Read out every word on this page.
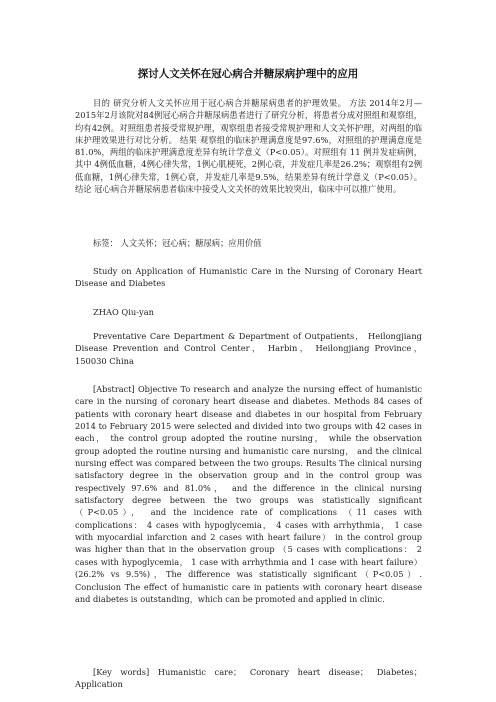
探讨人文关怀在冠心病合并糖尿病护理中的应用

目的 研究分析人文关怀应用于冠心病合并糖尿病患者的护理效果。 方法 2014年2月—2015年2月该院对84例冠心病合并糖尿病患者进行了研究分析，将患者分成对照组和观察组，均有42例。对照组患者接受常规护理，观察组患者接受常规护理和人文关怀护理，对两组的临床护理效果进行对比分析。 结果 观察组的临床护理满意度是97.6%，对照组的护理满意度是81.0%，两组的临床护理满意度差异有统计学意义（P<0.05）。对照组有 11 例并发症病例，其中 4例低血糖，4例心律失常，1例心肌梗死，2例心衰，并发症几率是26.2%；观察组有2例低血糖，1例心律失常，1例心衰，并发症几率是9.5%，结果差异有统计学意义（P<0.05）。 结论 冠心病合并糖尿病患者临床中接受人文关怀的效果比较突出，临床中可以推广使用。

标签： 人文关怀；冠心病；糖尿病；应用价值

Study on Application of Humanistic Care in the Nursing of Coronary Heart Disease and Diabetes

ZHAO Qiu-yan

Preventative Care Department & Department of Outpatients， Heilongjiang Disease Prevention and Control Center， Harbin， Heilongjiang Province， 150030 China

[Abstract] Objective To research and analyze the nursing effect of humanistic care in the nursing of coronary heart disease and diabetes. Methods 84 cases of patients with coronary heart disease and diabetes in our hospital from February 2014 to February 2015 were selected and divided into two groups with 42 cases in each， the control group adopted the routine nursing， while the observation group adopted the routine nursing and humanistic care nursing， and the clinical nursing effect was compared between the two groups. Results The clinical nursing satisfactory degree in the observation group and in the control group was respectively 97.6% and 81.0%， and the difference in the clinical nursing satisfactory degree between the two groups was statistically significant（P<0.05）， and the incidence rate of complications （11 cases with complications： 4 cases with hypoglycemia， 4 cases with arrhythmia， 1 case with myocardial infarction and 2 cases with heart failure） in the control group was higher than that in the observation group （5 cases with complications： 2 cases with hypoglycemia， 1 case with arrhythmia and 1 case with heart failure）(26.2% vs 9.5%)，The difference was statistically significant（P<0.05）. Conclusion The effect of humanistic care in patients with coronary heart disease and diabetes is outstanding，which can be promoted and applied in clinic.

[Key words] Humanistic care； Coronary heart disease； Diabetes； Application
